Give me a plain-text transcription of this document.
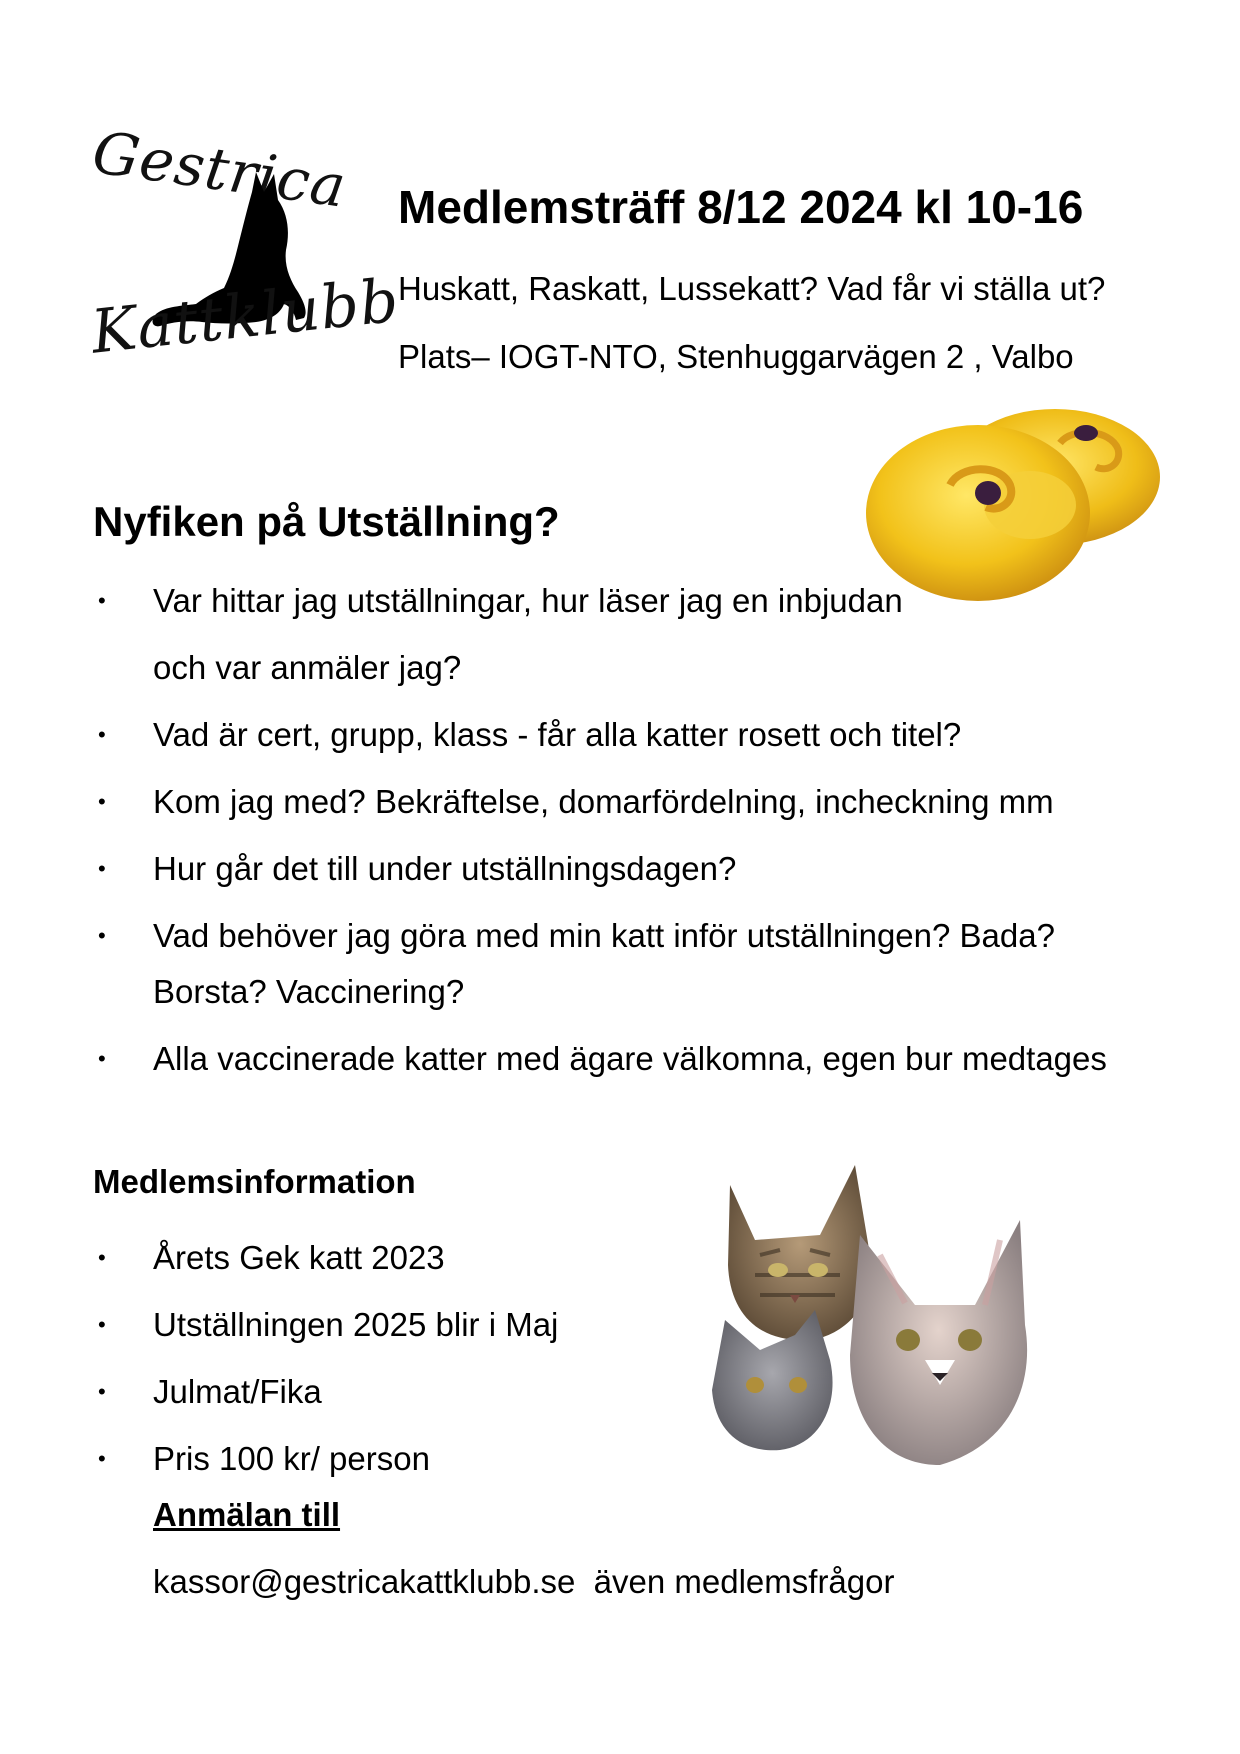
Gestrica
Kattklubb
Medlemsträff 8/12 2024 kl 10-16
Huskatt, Raskatt, Lussekatt? Vad får vi ställa ut?
Plats– IOGT-NTO, Stenhuggarvägen 2 , Valbo
Nyfiken på Utställning?
• Var hittar jag utställningar, hur läser jag en inbjudan
och var anmäler jag?
• Vad är cert, grupp, klass - får alla katter rosett och titel?
• Kom jag med? Bekräftelse, domarfördelning, incheckning mm
• Hur går det till under utställningsdagen?
• Vad behöver jag göra med min katt inför utställningen? Bada?
Borsta? Vaccinering?
• Alla vaccinerade katter med ägare välkomna, egen bur medtages
Medlemsinformation
• Årets Gek katt 2023
• Utställningen 2025 blir i Maj
• Julmat/Fika
• Pris 100 kr/ person
Anmälan till
kassor@gestricakattklubb.se  även medlemsfrågor
